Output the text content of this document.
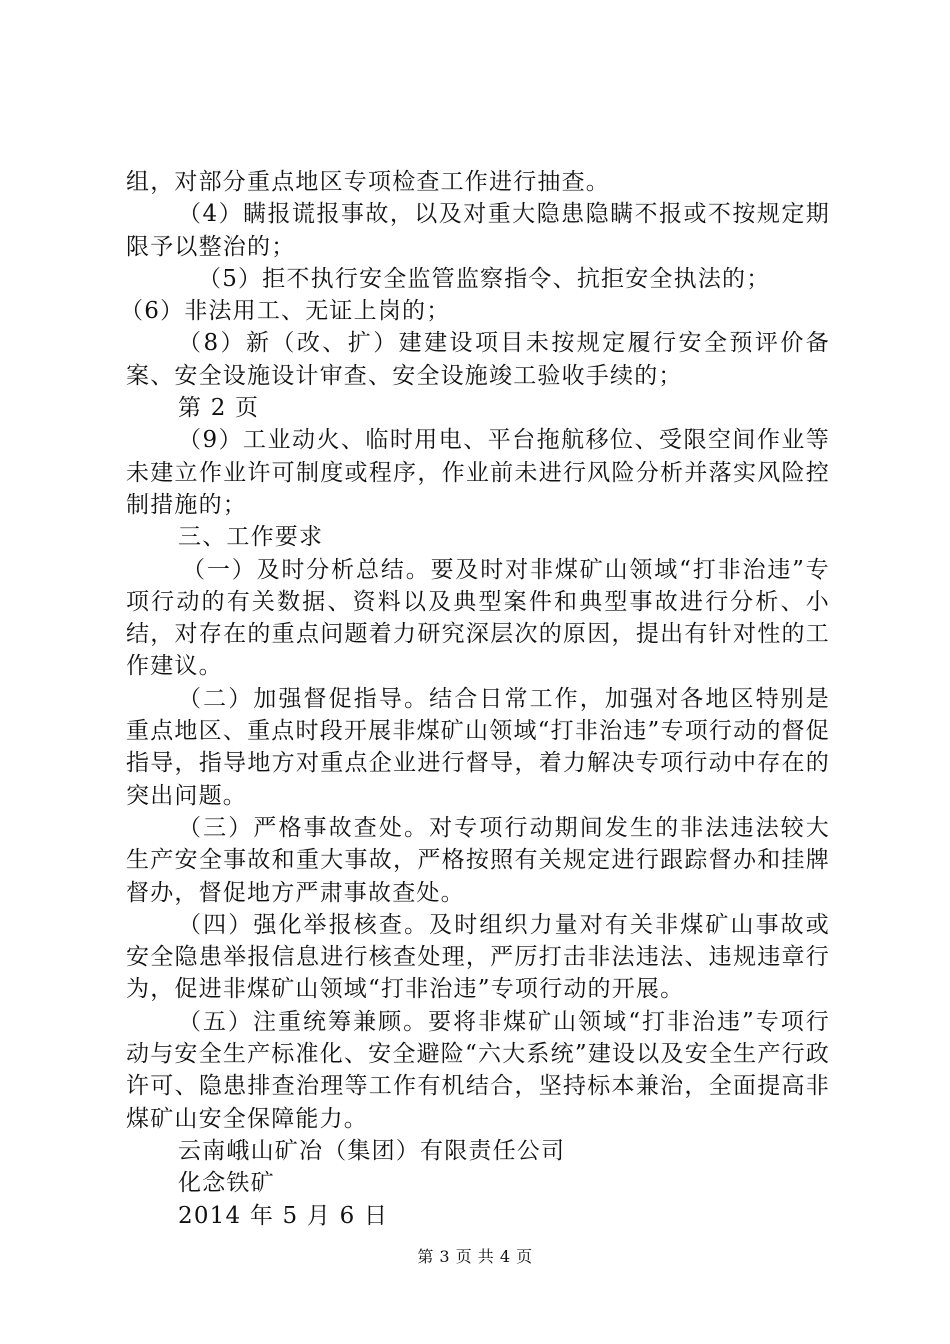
组，对部分重点地区专项检查工作进行抽查。

（4）瞒报谎报事故，以及对重大隐患隐瞒不报或不按规定期限予以整治的；

（5）拒不执行安全监管监察指令、抗拒安全执法的；

（6）非法用工、无证上岗的；

（8）新（改、扩）建建设项目未按规定履行安全预评价备案、安全设施设计审查、安全设施竣工验收手续的；

第 2 页

（9）工业动火、临时用电、平台拖航移位、受限空间作业等未建立作业许可制度或程序，作业前未进行风险分析并落实风险控制措施的；

三、工作要求

（一）及时分析总结。要及时对非煤矿山领域“打非治违”专项行动的有关数据、资料以及典型案件和典型事故进行分析、小结，对存在的重点问题着力研究深层次的原因，提出有针对性的工作建议。

（二）加强督促指导。结合日常工作，加强对各地区特别是重点地区、重点时段开展非煤矿山领域“打非治违”专项行动的督促指导，指导地方对重点企业进行督导，着力解决专项行动中存在的突出问题。

（三）严格事故查处。对专项行动期间发生的非法违法较大生产安全事故和重大事故，严格按照有关规定进行跟踪督办和挂牌督办，督促地方严肃事故查处。

（四）强化举报核查。及时组织力量对有关非煤矿山事故或安全隐患举报信息进行核查处理，严厉打击非法违法、违规违章行为，促进非煤矿山领域“打非治违”专项行动的开展。

（五）注重统筹兼顾。要将非煤矿山领域“打非治违”专项行动与安全生产标准化、安全避险“六大系统”建设以及安全生产行政许可、隐患排查治理等工作有机结合，坚持标本兼治，全面提高非煤矿山安全保障能力。

云南峨山矿冶（集团）有限责任公司

化念铁矿

2014 年 5 月 6 日

第 3 页 共 4 页
